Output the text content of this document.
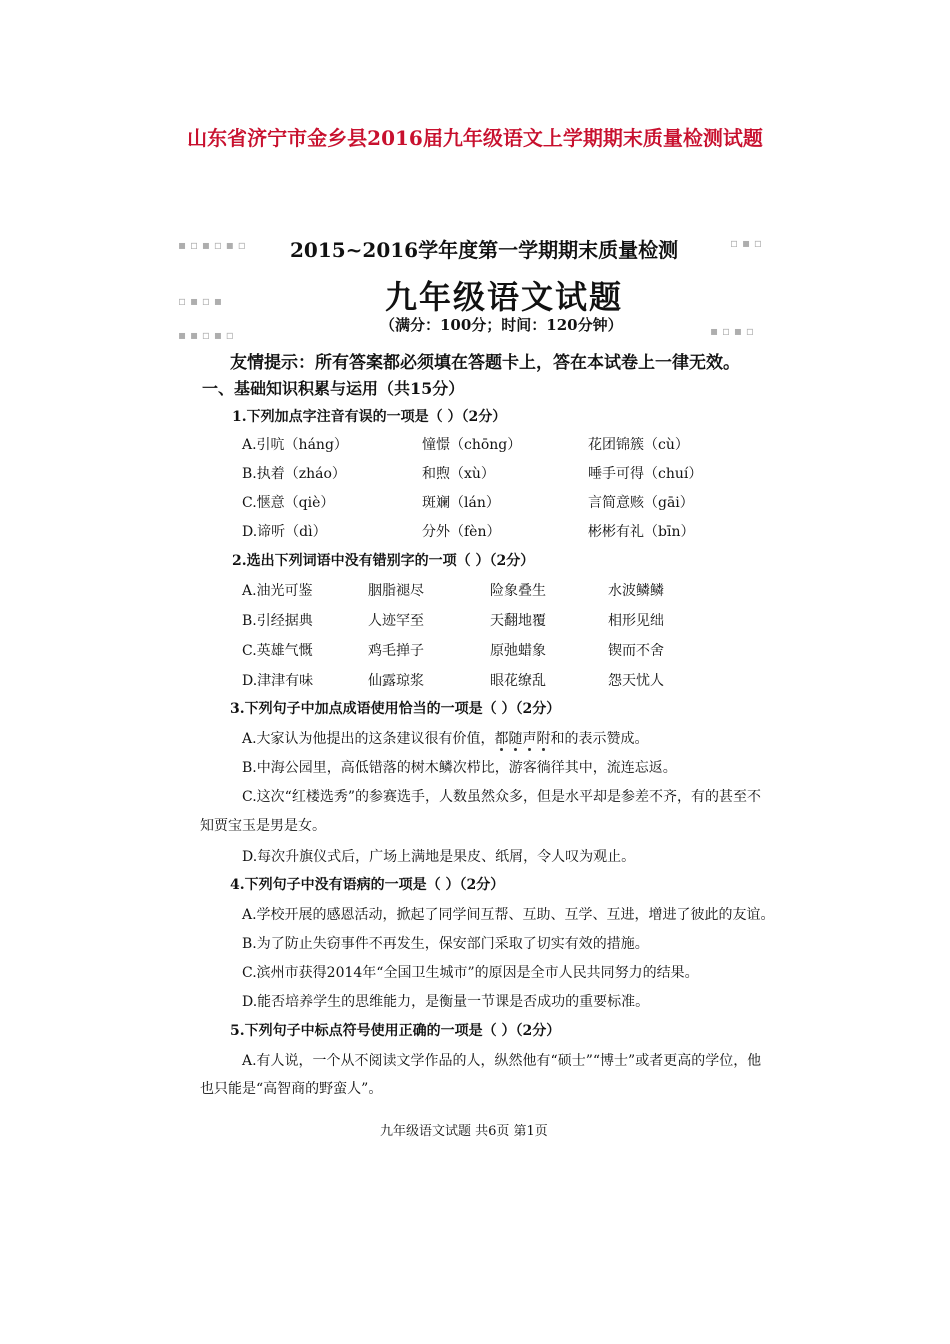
山东省济宁市金乡县2016届九年级语文上学期期末质量检测试题
▪︎ ▫︎ ▪︎ ▫︎ ▪︎ ▫︎
▫︎ ▪︎ ▫︎ ▪︎
▪︎ ▪︎ ▫︎ ▪︎ ▫︎
▫︎ ▪︎ ▫︎
▪︎ ▫︎ ▪︎ ▫︎
2015~2016学年度第一学期期末质量检测
九年级语文试题
（满分：100分；时间：120分钟）
友情提示：所有答案都必须填在答题卡上，答在本试卷上一律无效。
一、基础知识积累与运用（共15分）
1.下列加点字注音有误的一项是（ ）（2分）
A.引吭（háng）	憧憬（chōng）	花团锦簇（cù）
B.执着（zháo）	和煦（xù）	唾手可得（chuí）
C.惬意（qiè）	斑斓（lán）	言简意赅（gāi）
D.谛听（dì）	分外（fèn）	彬彬有礼（bīn）
2.选出下列词语中没有错别字的一项（ ）（2分）
A.油光可鉴	胭脂褪尽	险象叠生	水波鳞鳞
B.引经据典	人迹罕至	天翻地覆	相形见绌
C.英雄气慨	鸡毛掸子	原弛蜡象	锲而不舍
D.津津有味	仙露琼浆	眼花缭乱	怨天忧人
3.下列句子中加点成语使用恰当的一项是（ ）（2分）
A.大家认为他提出的这条建议很有价值，都随声附和的表示赞成。
B.中海公园里，高低错落的树木鳞次栉比，游客徜徉其中，流连忘返。
C.这次“红楼选秀”的参赛选手，人数虽然众多，但是水平却是参差不齐，有的甚至不
知贾宝玉是男是女。
D.每次升旗仪式后，广场上满地是果皮、纸屑，令人叹为观止。
4.下列句子中没有语病的一项是（ ）（2分）
A.学校开展的感恩活动，掀起了同学间互帮、互助、互学、互进，增进了彼此的友谊。
B.为了防止失窃事件不再发生，保安部门采取了切实有效的措施。
C.滨州市获得2014年“全国卫生城市”的原因是全市人民共同努力的结果。
D.能否培养学生的思维能力，是衡量一节课是否成功的重要标准。
5.下列句子中标点符号使用正确的一项是（ ）（2分）
A.有人说，一个从不阅读文学作品的人，纵然他有“硕士”“博士”或者更高的学位，他
也只能是“高智商的野蛮人”。
九年级语文试题 共6页 第1页
